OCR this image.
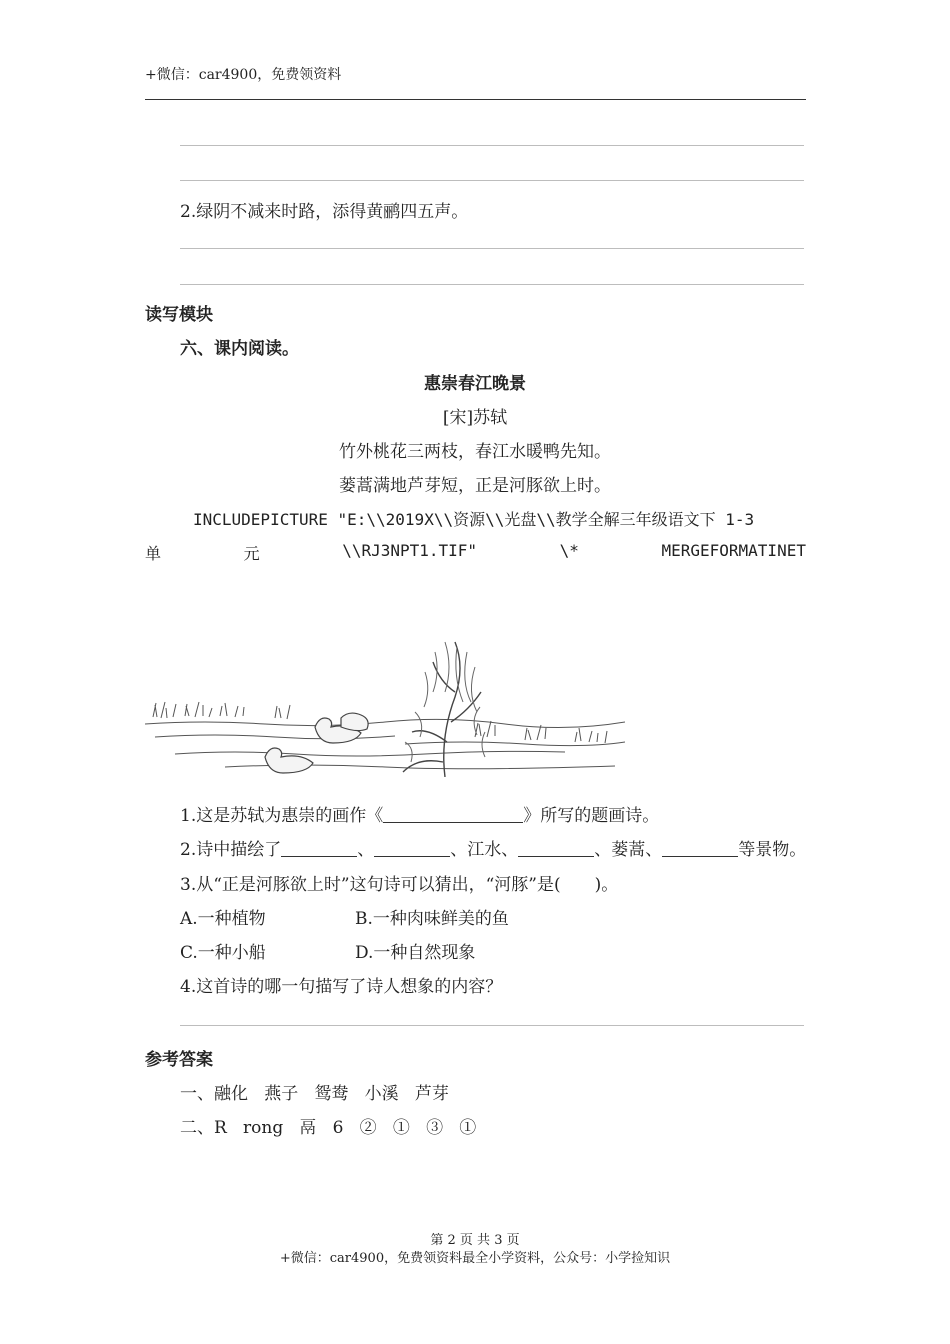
+微信：car4900，免费领资料
2.绿阴不减来时路，添得黄鹂四五声。
读写模块
六、课内阅读。
惠崇春江晚景
[宋]苏轼
竹外桃花三两枝，春江水暖鸭先知。
蒌蒿满地芦芽短，正是河豚欲上时。
INCLUDEPICTURE "E:\\2019X\\资源\\光盘\\教学全解三年级语文下 1-3
单	元	\\RJ3NPT1.TIF"	\*	MERGEFORMATINET
1.这是苏轼为惠崇的画作《	》所写的题画诗。
2.诗中描绘了	、	、江水、	、蒌蒿、	等景物。
3.从“正是河豚欲上时”这句诗可以猜出，“河豚”是( )。
A.一种植物	B.一种肉味鲜美的鱼
C.一种小船	D.一种自然现象
4.这首诗的哪一句描写了诗人想象的内容？
参考答案
一、融化   燕子   鸳鸯   小溪   芦芽
二、R   rong   鬲   6   ②   ①   ③   ①
第 2 页 共 3 页
+微信：car4900，免费领资料最全小学资料，公众号：小学捡知识
